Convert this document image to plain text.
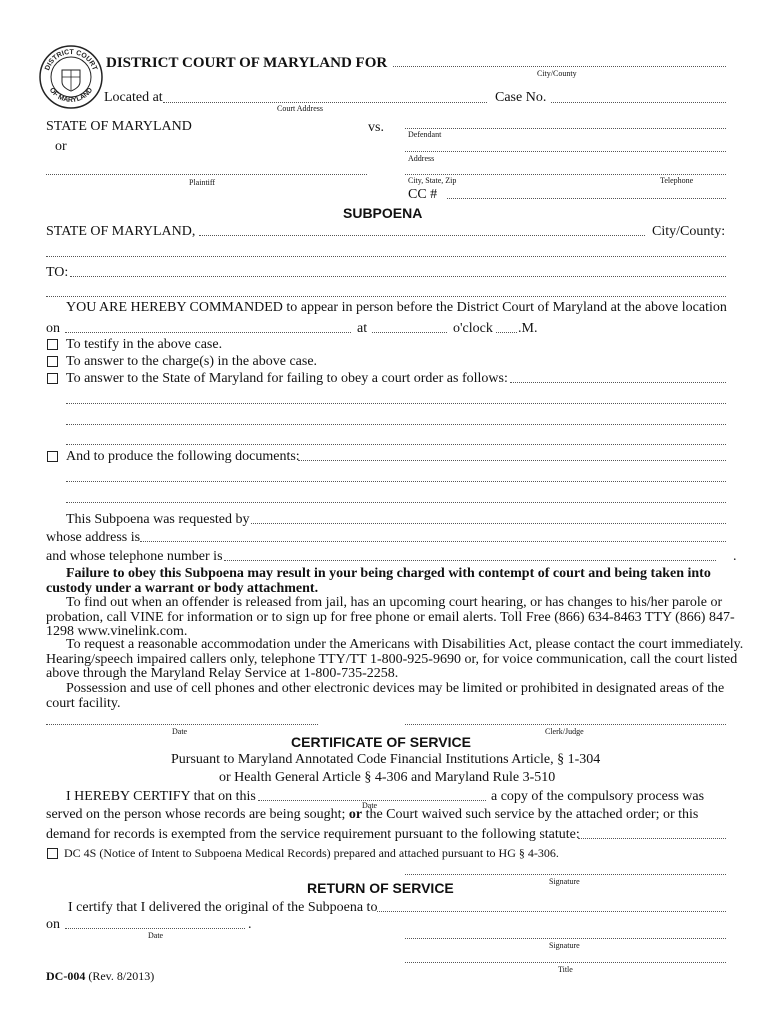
DISTRICT COURT
OF MARYLAND
DISTRICT COURT OF MARYLAND FOR
City/County
Located at
Court Address
Case No.
STATE OF MARYLAND	vs.	Defendant
or
Address
Plaintiff	City, State, Zip	Telephone
CC #
SUBPOENA
STATE OF MARYLAND,	City/County:
TO:
YOU ARE HEREBY COMMANDED to appear in person before the District Court of Maryland at the above location
on	at	o'clock .M.
To testify in the above case.
To answer to the charge(s) in the above case.
To answer to the State of Maryland for failing to obey a court order as follows:
And to produce the following documents:
This Subpoena was requested by
whose address is
and whose telephone number is	.
Failure to obey this Subpoena may result in your being charged with contempt of court and being taken into custody under a warrant or body attachment.
To find out when an offender is released from jail, has an upcoming court hearing, or has changes to his/her parole or probation, call VINE for information or to sign up for free phone or email alerts. Toll Free (866) 634-8463 TTY (866) 847-1298 www.vinelink.com.
To request a reasonable accommodation under the Americans with Disabilities Act, please contact the court immediately. Hearing/speech impaired callers only, telephone TTY/TT 1-800-925-9690 or, for voice communication, call the court listed above through the Maryland Relay Service at 1-800-735-2258.
Possession and use of cell phones and other electronic devices may be limited or prohibited in designated areas of the court facility.
Date	Clerk/Judge
CERTIFICATE OF SERVICE
Pursuant to Maryland Annotated Code Financial Institutions Article, § 1-304
or Health General Article § 4-306 and Maryland Rule 3-510
I HEREBY CERTIFY that on this
Date
a copy of the compulsory process was
served on the person whose records are being sought; or the Court waived such service by the attached order; or this
demand for records is exempted from the service requirement pursuant to the following statute:
DC 4S (Notice of Intent to Subpoena Medical Records) prepared and attached pursuant to HG § 4-306.
Signature
RETURN OF SERVICE
I certify that I delivered the original of the Subpoena to
on	.
Date
Signature
Title
DC-004 (Rev. 8/2013)
